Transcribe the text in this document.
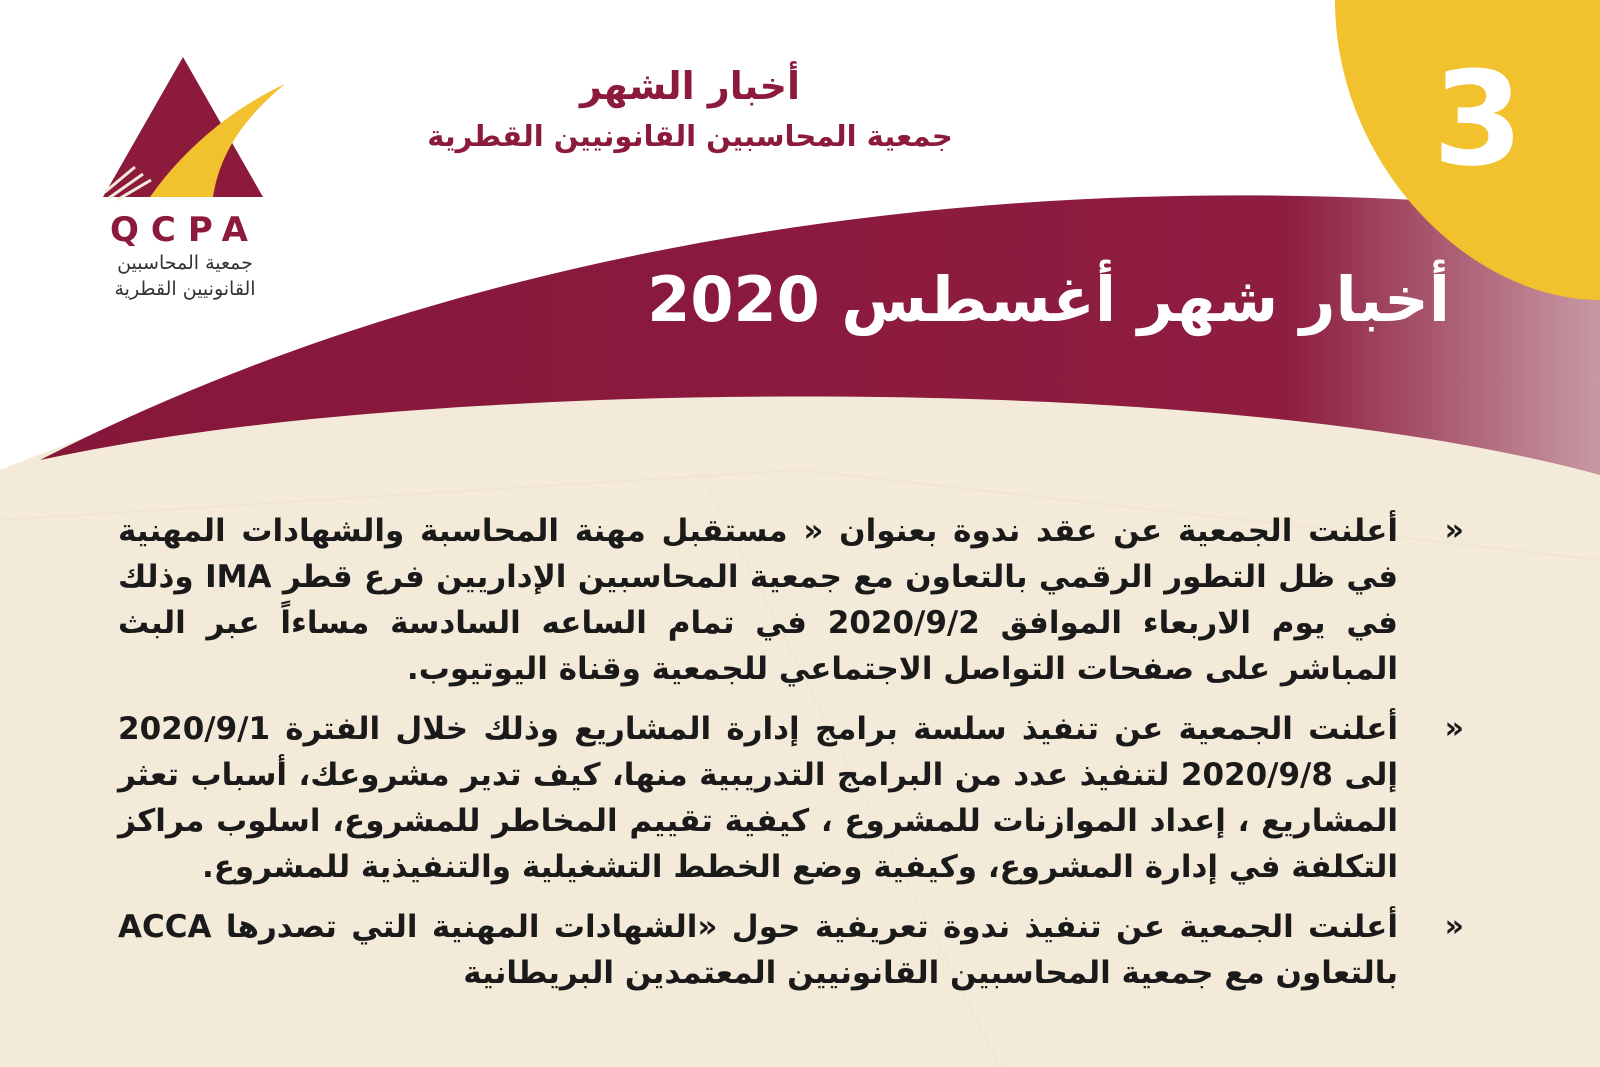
أخبار الشهر
جمعية المحاسبين القانونيين القطرية	3
QCPA
جمعية المحاسبين
القانونيين القطرية	أخبار شهر أغسطس 2020
«
أعلنت الجمعية عن عقد ندوة بعنوان « مستقبل مهنة المحاسبة والشهادات المهنية في ظل التطور الرقمي بالتعاون مع جمعية المحاسبين الإداريين فرع قطر IMA وذلك في يوم الاربعاء الموافق 2020/9/2 في تمام الساعه السادسة مساءاً عبر البث المباشر على صفحات التواصل الاجتماعي للجمعية وقناة اليوتيوب.
«
أعلنت الجمعية عن تنفيذ سلسة برامج إدارة المشاريع وذلك خلال الفترة 2020/9/1 إلى 2020/9/8 لتنفيذ عدد من البرامج التدريبية منها، كيف تدير مشروعك، أسباب تعثر المشاريع ، إعداد الموازنات للمشروع ، كيفية تقييم المخاطر للمشروع، اسلوب مراكز التكلفة في إدارة المشروع، وكيفية وضع الخطط التشغيلية والتنفيذية للمشروع.
«
أعلنت الجمعية عن تنفيذ ندوة تعريفية حول «الشهادات المهنية التي تصدرها ACCA بالتعاون مع جمعية المحاسبين القانونيين المعتمدين البريطانية
